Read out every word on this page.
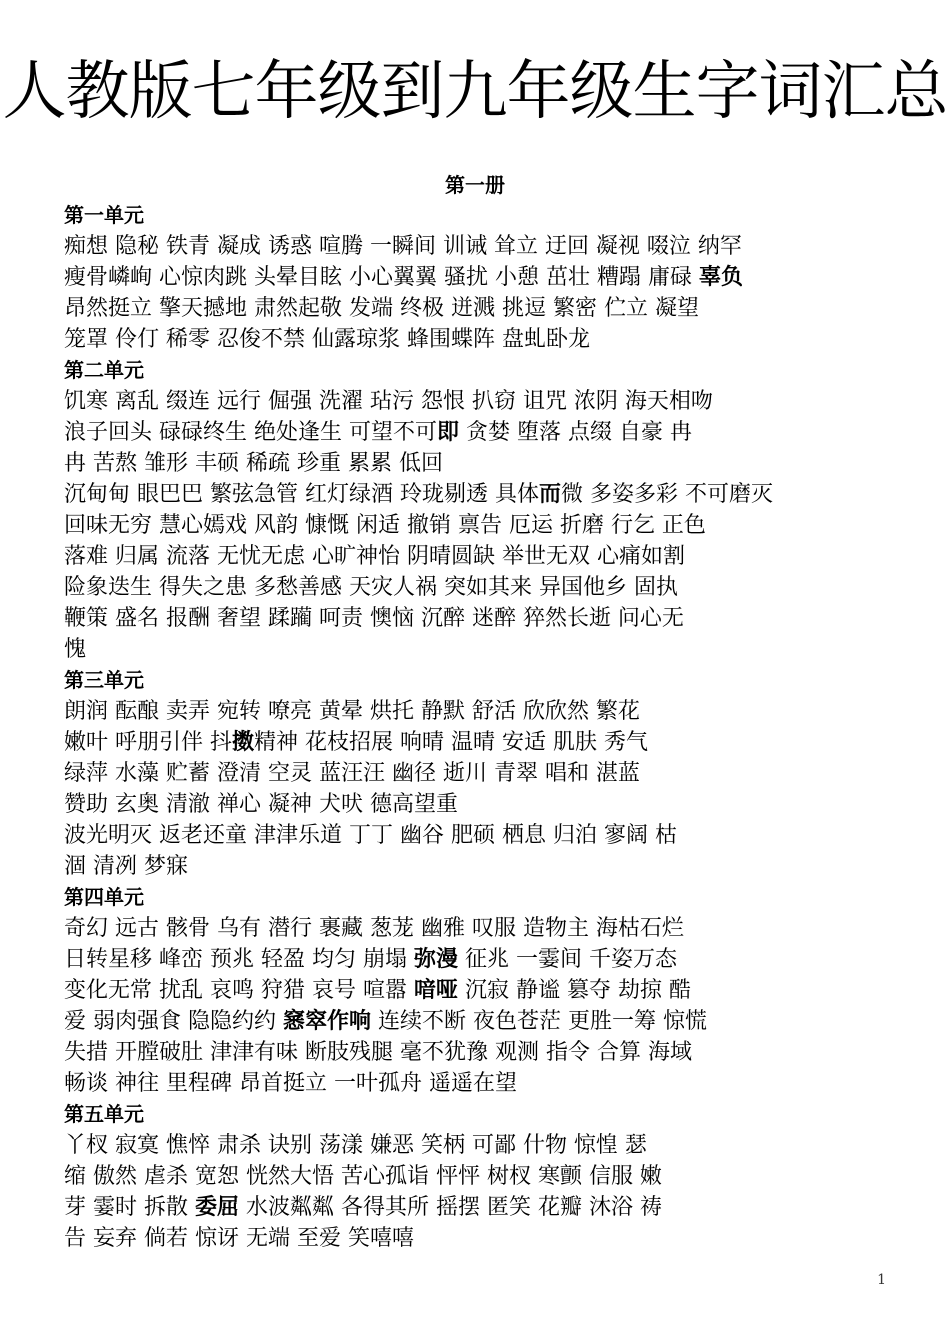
人教版七年级到九年级生字词汇总
第一册
第一单元
痴想 隐秘 铁青 凝成 诱惑 喧腾 一瞬间 训诫 耸立 迂回 凝视 啜泣 纳罕
瘦骨嶙峋 心惊肉跳 头晕目眩 小心翼翼 骚扰 小憩 茁壮 糟蹋 庸碌 辜负
昂然挺立 擎天撼地 肃然起敬 发端 终极 迸溅 挑逗 繁密 伫立 凝望
笼罩 伶仃 稀零 忍俊不禁 仙露琼浆 蜂围蝶阵 盘虬卧龙
第二单元
饥寒 离乱 缀连 远行 倔强 洗濯 玷污 怨恨 扒窃 诅咒 浓阴 海天相吻
浪子回头 碌碌终生 绝处逢生 可望不可即 贪婪 堕落 点缀 自豪 冉
冉 苦熬 雏形 丰硕 稀疏 珍重 累累 低回
沉甸甸 眼巴巴 繁弦急管 红灯绿酒 玲珑剔透 具体而微 多姿多彩 不可磨灭
回味无穷 慧心嫣戏 风韵 慷慨 闲适 撤销 禀告 厄运 折磨 行乞 正色
落难 归属 流落 无忧无虑 心旷神怡 阴晴圆缺 举世无双 心痛如割
险象迭生 得失之患 多愁善感 天灾人祸 突如其来 异国他乡 固执
鞭策 盛名 报酬 奢望 蹂躏 呵责 懊恼 沉醉 迷醉 猝然长逝 问心无
愧
第三单元
朗润 酝酿 卖弄 宛转 嘹亮 黄晕 烘托 静默 舒活 欣欣然 繁花
嫩叶 呼朋引伴 抖擞精神 花枝招展 响晴 温晴 安适 肌肤 秀气
绿萍 水藻 贮蓄 澄清 空灵 蓝汪汪 幽径 逝川 青翠 唱和 湛蓝
赞助 玄奥 清澈 禅心 凝神 犬吠 德高望重
波光明灭 返老还童 津津乐道 丁丁 幽谷 肥硕 栖息 归泊 寥阔 枯
涸 清冽 梦寐
第四单元
奇幻 远古 骸骨 乌有 潜行 裹藏 葱茏 幽雅 叹服 造物主 海枯石烂
日转星移 峰峦 预兆 轻盈 均匀 崩塌 弥漫 征兆 一霎间 千姿万态
变化无常 扰乱 哀鸣 狩猎 哀号 喧嚣 喑哑 沉寂 静谧 篡夺 劫掠 酷
爱 弱肉强食 隐隐约约 窸窣作响 连续不断 夜色苍茫 更胜一筹 惊慌
失措 开膛破肚 津津有味 断肢残腿 毫不犹豫 观测 指令 合算 海域
畅谈 神往 里程碑 昂首挺立 一叶孤舟 遥遥在望
第五单元
丫杈 寂寞 憔悴 肃杀 诀别 荡漾 嫌恶 笑柄 可鄙 什物 惊惶 瑟
缩 傲然 虐杀 宽恕 恍然大悟 苦心孤诣 怦怦 树杈 寒颤 信服 嫩
芽 霎时 拆散 委屈 水波粼粼 各得其所 摇摆 匿笑 花瓣 沐浴 祷
告 妄弃 倘若 惊讶 无端 至爱 笑嘻嘻
1
